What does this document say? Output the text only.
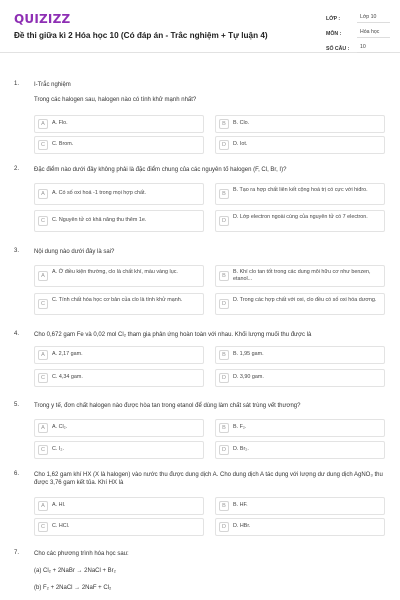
QUIZIZZ
Đề thi giữa kì 2 Hóa học 10 (Có đáp án - Trắc nghiệm + Tự luận 4)
LỚP :	Lớp 10
MÔN :	Hóa học
SỐ CÂU :	10
1. I-Trắc nghiệm
Trong các halogen sau, halogen nào có tính khử mạnh nhất?
A	A. Flo.	B	B. Clo.
C	C. Brom.	D	D. Iot.
2. Đặc điểm nào dưới đây không phải là đặc điểm chung của các nguyên tố halogen (F, Cl, Br, I)?
A	A. Có số oxi hoá -1 trong mọi hợp chất.	B
B. Tạo ra hợp chất liên kết cộng hoá trị có cực với hiđro.
C	C. Nguyên tử có khả năng thu thêm 1e.	D
D. Lớp electron ngoài cùng của nguyên tử có 7 electron.
3. Nội dung nào dưới đây là sai?
A
A. Ở điều kiện thường, clo là chất khí, màu vàng lục.
B
B. Khí clo tan tốt trong các dung môi hữu cơ như benzen, etanol...
C
C. Tính chất hóa học cơ bản của clo là tính khử mạnh.
D
D. Trong các hợp chất với oxi, clo đều có số oxi hóa dương.
4. Cho 0,672 gam Fe và 0,02 mol Cl₂ tham gia phản ứng hoàn toàn với nhau. Khối lượng muối thu được là
A	A. 2,17 gam.	B	B. 1,95 gam.
C	C. 4,34 gam.	D	D. 3,90 gam.
5. Trong y tế, đơn chất halogen nào được hòa tan trong etanol để dùng làm chất sát trùng vết thương?
A	A. Cl₂.	B	B. F₂.
C	C. I₂.	D	D. Br₂.
6. Cho 1,62 gam khí HX (X là halogen) vào nước thu được dung dịch A. Cho dung dịch A tác dụng với lượng dư dung dịch AgNO₃ thu được 3,76 gam kết tủa. Khí HX là
A	A. HI.	B	B. HF.
C	C. HCl.	D	D. HBr.
7. Cho các phương trình hóa học sau:
(a) Cl₂ + 2NaBr → 2NaCl + Br₂
(b) F₂ + 2NaCl → 2NaF + Cl₂
